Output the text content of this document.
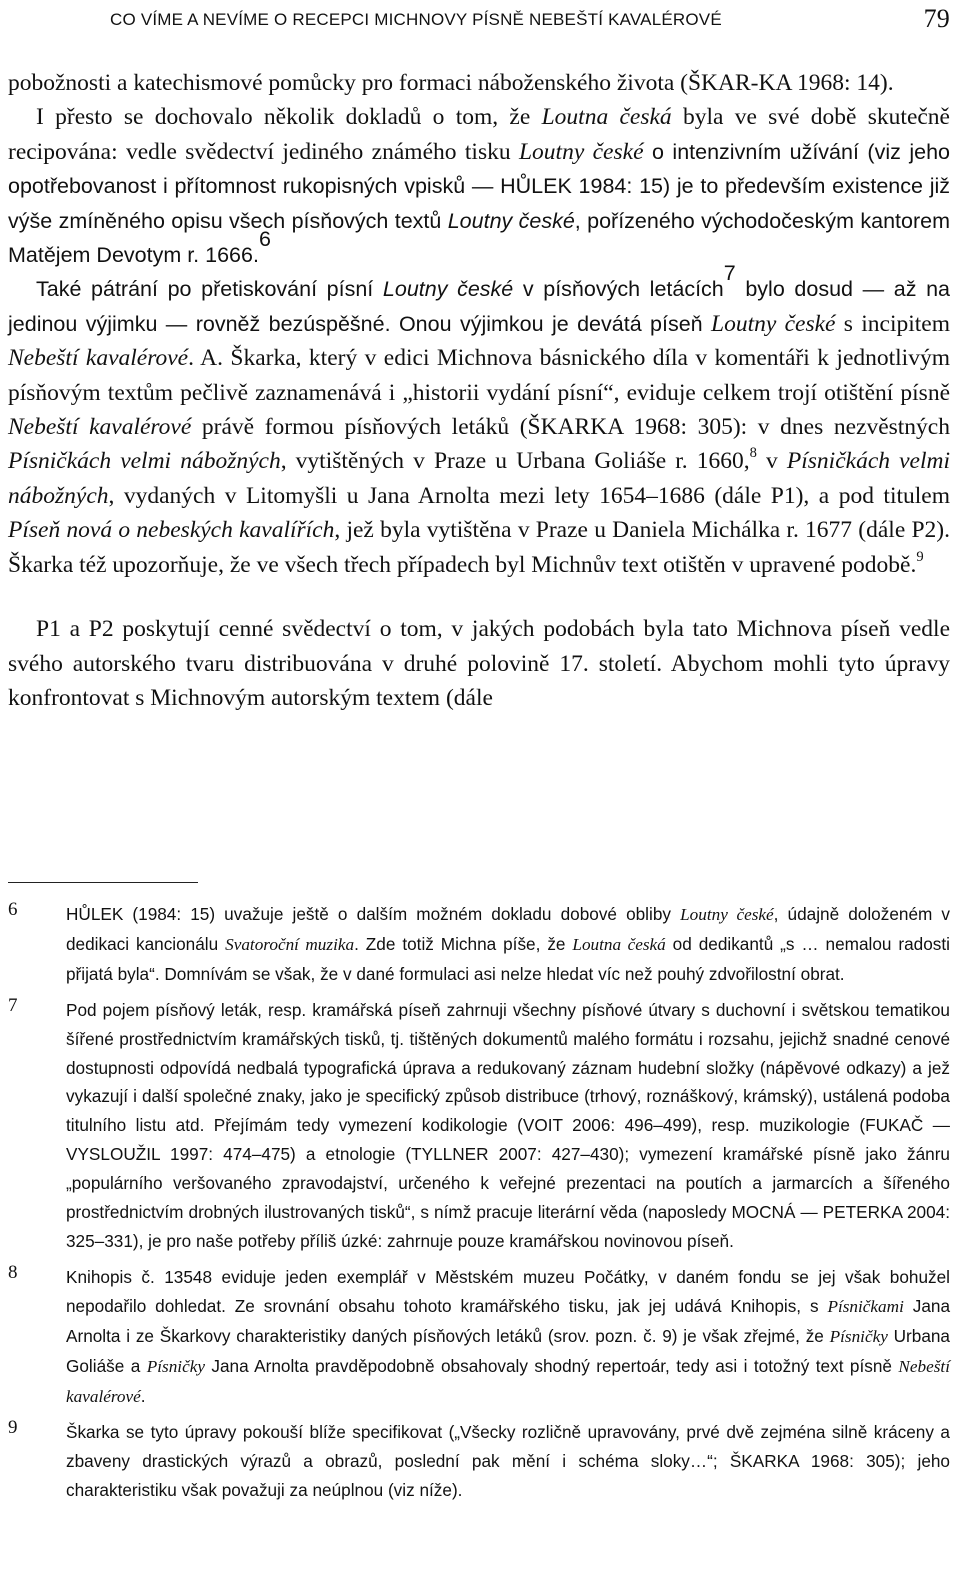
CO VÍME A NEVÍME O RECEPCI MICHNOVY PÍSNĚ NEBEŠTÍ KAVALÉROVÉ	79

pobožnosti a katechismové pomůcky pro formaci náboženského života (ŠKAR-KA 1968: 14).

I přesto se dochovalo několik dokladů o tom, že Loutna česká byla ve své době skutečně recipována: vedle svědectví jediného známého tisku Loutny české o intenzivním užívání (viz jeho opotřebovanost i přítomnost rukopisných vpisků — HŮLEK 1984: 15) je to především existence již výše zmíněného opisu všech písňových textů Loutny české, pořízeného východočeským kantorem Matějem Devotym r. 1666.$^6$

Také pátrání po přetiskování písní Loutny české v písňových letácích$^7$ bylo dosud — až na jedinou výjimku — rovněž bezúspěšné. Onou výjimkou je devátá píseň Loutny české s incipitem Nebeští kavalérové. A. Škarka, který v edici Michnova básnického díla v komentáři k jednotlivým písňovým textům pečlivě zaznamenává i „historii vydání písní“, eviduje celkem trojí otištění písně Nebeští kavalérové právě formou písňových letáků (ŠKARKA 1968: 305): v dnes nezvěstných Písničkách velmi nábožných, vytištěných v Praze u Urbana Goliáše r. 1660,$^8$ v Písničkách velmi nábožných, vydaných v Litomyšli u Jana Arnolta mezi lety 1654–1686 (dále P1), a pod titulem Píseň nová o nebeských kavalířích, jež byla vytištěna v Praze u Daniela Michálka r. 1677 (dále P2). Škarka též upozorňuje, že ve všech třech případech byl Michnův text otištěn v upravené podobě.$^9$

P1 a P2 poskytují cenné svědectví o tom, v jakých podobách byla tato Michnova píseň vedle svého autorského tvaru distribuována v druhé polovině 17. století. Abychom mohli tyto úpravy konfrontovat s Michnovým autorským textem (dále

6	HŮLEK (1984: 15) uvažuje ještě o dalším možném dokladu dobové obliby Loutny české, údajně doloženém v dedikaci kancionálu Svatoroční muzika. Zde totiž Michna píše, že Loutna česká od dedikantů „s … nemalou radosti přijatá byla“. Domnívám se však, že v dané formulaci asi nelze hledat víc než pouhý zdvořilostní obrat.
7	Pod pojem písňový leták, resp. kramářská píseň zahrnuji všechny písňové útvary s duchovní i světskou tematikou šířené prostřednictvím kramářských tisků, tj. tištěných dokumentů malého formátu i rozsahu, jejichž snadné cenové dostupnosti odpovídá nedbalá typografická úprava a redukovaný záznam hudební složky (nápěvové odkazy) a jež vykazují i další společné znaky, jako je specifický způsob distribuce (trhový, roznáškový, krámský), ustálená podoba titulního listu atd. Přejímám tedy vymezení kodikologie (VOIT 2006: 496–499), resp. muzikologie (FUKAČ — VYSLOUŽIL 1997: 474–475) a etnologie (TYLLNER 2007: 427–430); vymezení kramářské písně jako žánru „populárního veršovaného zpravodajství, určeného k veřejné prezentaci na poutích a jarmarcích a šířeného prostřednictvím drobných ilustrovaných tisků“, s nímž pracuje literární věda (naposledy MOCNÁ — PETERKA 2004: 325–331), je pro naše potřeby příliš úzké: zahrnuje pouze kramářskou novinovou píseň.
8	Knihopis č. 13548 eviduje jeden exemplář v Městském muzeu Počátky, v daném fondu se jej však bohužel nepodařilo dohledat. Ze srovnání obsahu tohoto kramářského tisku, jak jej udává Knihopis, s Písničkami Jana Arnolta i ze Škarkovy charakteristiky daných písňových letáků (srov. pozn. č. 9) je však zřejmé, že Písničky Urbana Goliáše a Písničky Jana Arnolta pravděpodobně obsahovaly shodný repertoár, tedy asi i totožný text písně Nebeští kavalérové.
9	Škarka se tyto úpravy pokouší blíže specifikovat („Všecky rozličně upravovány, prvé dvě zejména silně kráceny a zbaveny drastických výrazů a obrazů, poslední pak mění i schéma sloky…“; ŠKARKA 1968: 305); jeho charakteristiku však považuji za neúplnou (viz níže).
